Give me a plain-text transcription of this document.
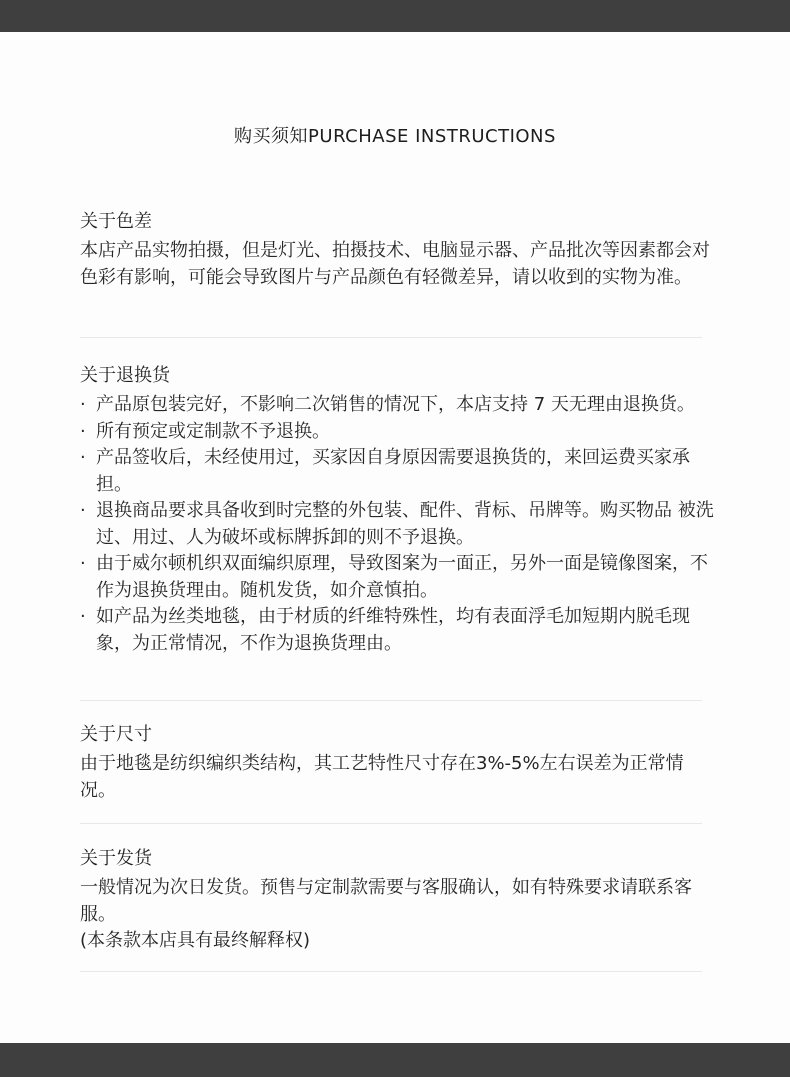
购买须知PURCHASE INSTRUCTIONS
关于色差

本店产品实物拍摄，但是灯光、拍摄技术、电脑显示器、产品批次等因素都会对色彩有影响，可能会导致图片与产品颜色有轻微差异，请以收到的实物为准。

关于退换货
· 产品原包装完好，不影响二次销售的情况下，本店支持 7 天无理由退换货。
· 所有预定或定制款不予退换。
· 产品签收后，未经使用过，买家因自身原因需要退换货的，来回运费买家承担。
· 退换商品要求具备收到时完整的外包装、配件、背标、吊牌等。购买物品 被洗过、用过、人为破坏或标牌拆卸的则不予退换。
· 由于威尔顿机织双面编织原理，导致图案为一面正，另外一面是镜像图案，不作为退换货理由。随机发货，如介意慎拍。
· 如产品为丝类地毯，由于材质的纤维特殊性，均有表面浮毛加短期内脱毛现象，为正常情况，不作为退换货理由。
关于尺寸

由于地毯是纺织编织类结构，其工艺特性尺寸存在3%-5%左右误差为正常情况。

关于发货

一般情况为次日发货。预售与定制款需要与客服确认，如有特殊要求请联系客服。

(本条款本店具有最终解释权)
